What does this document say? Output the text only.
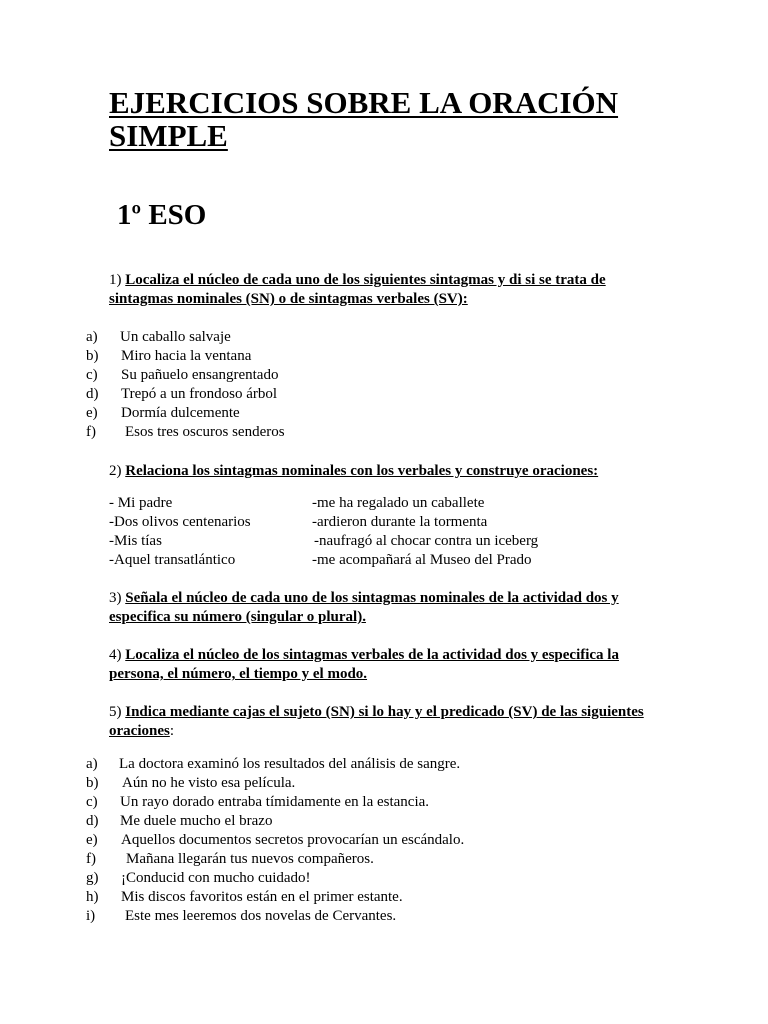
EJERCICIOS SOBRE LA ORACIÓN SIMPLE
1º ESO
1) Localiza el núcleo de cada uno de los siguientes sintagmas y di si se trata de sintagmas nominales (SN) o de sintagmas verbales (SV):
a) Un caballo salvaje
b) Miro hacia la ventana
c) Su pañuelo ensangrentado
d) Trepó a un frondoso árbol
e) Dormía dulcemente
f) Esos tres oscuros senderos
2) Relaciona los sintagmas nominales con los verbales y construye oraciones:
- Mi padre	-me ha regalado un caballete
-Dos olivos centenarios	-ardieron durante la tormenta
-Mis tías	-naufragó al chocar contra un iceberg
-Aquel transatlántico	-me acompañará al Museo del Prado
3) Señala el núcleo de cada uno de los sintagmas nominales de la actividad dos y especifica su número (singular o plural).
4) Localiza el núcleo de los sintagmas verbales de la actividad dos y especifica la persona, el número, el tiempo y el modo.
5) Indica mediante cajas el sujeto (SN) si lo hay y el predicado (SV) de las siguientes oraciones:
a) La doctora examinó los resultados del análisis de sangre.
b) Aún no he visto esa película.
c) Un rayo dorado entraba tímidamente en la estancia.
d) Me duele mucho el brazo
e) Aquellos documentos secretos provocarían un escándalo.
f) Mañana llegarán tus nuevos compañeros.
g) ¡Conducid con mucho cuidado!
h) Mis discos favoritos están en el primer estante.
i) Este mes leeremos dos novelas de Cervantes.
